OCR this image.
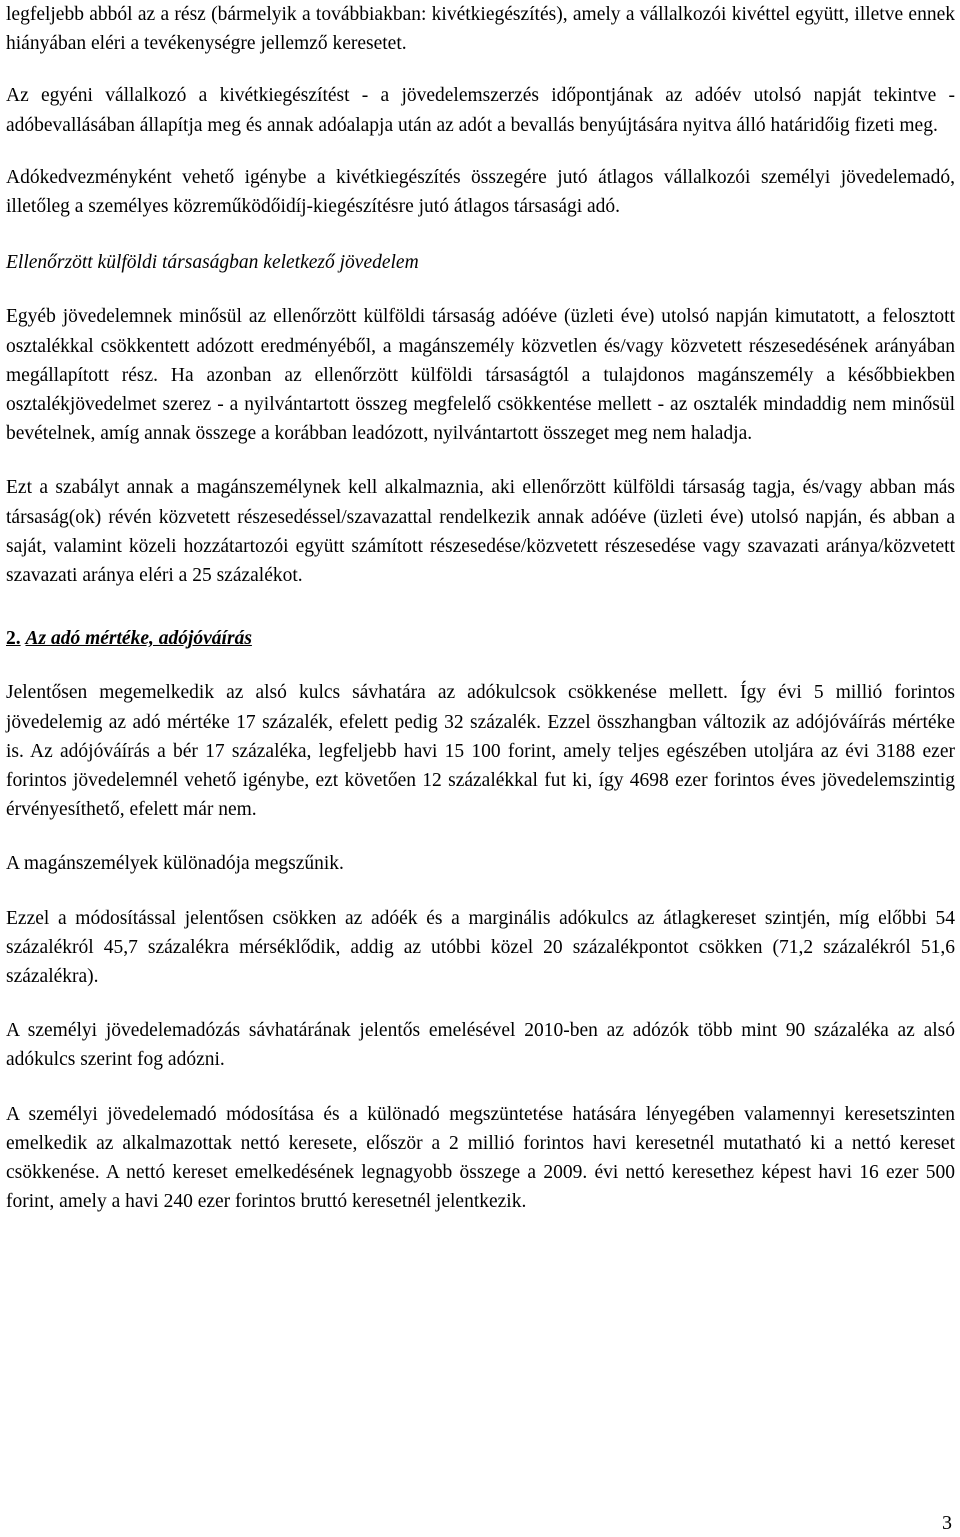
legfeljebb abból az a rész (bármelyik a továbbiakban: kivétkiegészítés), amely a vállalkozói kivéttel együtt, illetve ennek hiányában eléri a tevékenységre jellemző keresetet.

Az egyéni vállalkozó a kivétkiegészítést - a jövedelemszerzés időpontjának az adóév utolsó napját tekintve - adóbevallásában állapítja meg és annak adóalapja után az adót a bevallás benyújtására nyitva álló határidőig fizeti meg.

Adókedvezményként vehető igénybe a kivétkiegészítés összegére jutó átlagos vállalkozói személyi jövedelemadó, illetőleg a személyes közreműködőidíj-kiegészítésre jutó átlagos társasági adó.

Ellenőrzött külföldi társaságban keletkező jövedelem

Egyéb jövedelemnek minősül az ellenőrzött külföldi társaság adóéve (üzleti éve) utolsó napján kimutatott, a felosztott osztalékkal csökkentett adózott eredményéből, a magánszemély közvetlen és/vagy közvetett részesedésének arányában megállapított rész. Ha azonban az ellenőrzött külföldi társaságtól a tulajdonos magánszemély a későbbiekben osztalékjövedelmet szerez - a nyilvántartott összeg megfelelő csökkentése mellett - az osztalék mindaddig nem minősül bevételnek, amíg annak összege a korábban leadózott, nyilvántartott összeget meg nem haladja.

Ezt a szabályt annak a magánszemélynek kell alkalmaznia, aki ellenőrzött külföldi társaság tagja, és/vagy abban más társaság(ok) révén közvetett részesedéssel/szavazattal rendelkezik annak adóéve (üzleti éve) utolsó napján, és abban a saját, valamint közeli hozzátartozói együtt számított részesedése/közvetett részesedése vagy szavazati aránya/közvetett szavazati aránya eléri a 25 százalékot.

2. Az adó mértéke, adójóváírás

Jelentősen megemelkedik az alsó kulcs sávhatára az adókulcsok csökkenése mellett. Így évi 5 millió forintos jövedelemig az adó mértéke 17 százalék, efelett pedig 32 százalék. Ezzel összhangban változik az adójóváírás mértéke is. Az adójóváírás a bér 17 százaléka, legfeljebb havi 15 100 forint, amely teljes egészében utoljára az évi 3188 ezer forintos jövedelemnél vehető igénybe, ezt követően 12 százalékkal fut ki, így 4698 ezer forintos éves jövedelemszintig érvényesíthető, efelett már nem.

A magánszemélyek különadója megszűnik.

Ezzel a módosítással jelentősen csökken az adóék és a marginális adókulcs az átlagkereset szintjén, míg előbbi 54 százalékról 45,7 százalékra mérséklődik, addig az utóbbi közel 20 százalékpontot csökken (71,2 százalékról 51,6 százalékra).

A személyi jövedelemadózás sávhatárának jelentős emelésével 2010-ben az adózók több mint 90 százaléka az alsó adókulcs szerint fog adózni.

A személyi jövedelemadó módosítása és a különadó megszüntetése hatására lényegében valamennyi keresetszinten emelkedik az alkalmazottak nettó keresete, először a 2 millió forintos havi keresetnél mutatható ki a nettó kereset csökkenése. A nettó kereset emelkedésének legnagyobb összege a 2009. évi nettó keresethez képest havi 16 ezer 500 forint, amely a havi 240 ezer forintos bruttó keresetnél jelentkezik.

3
